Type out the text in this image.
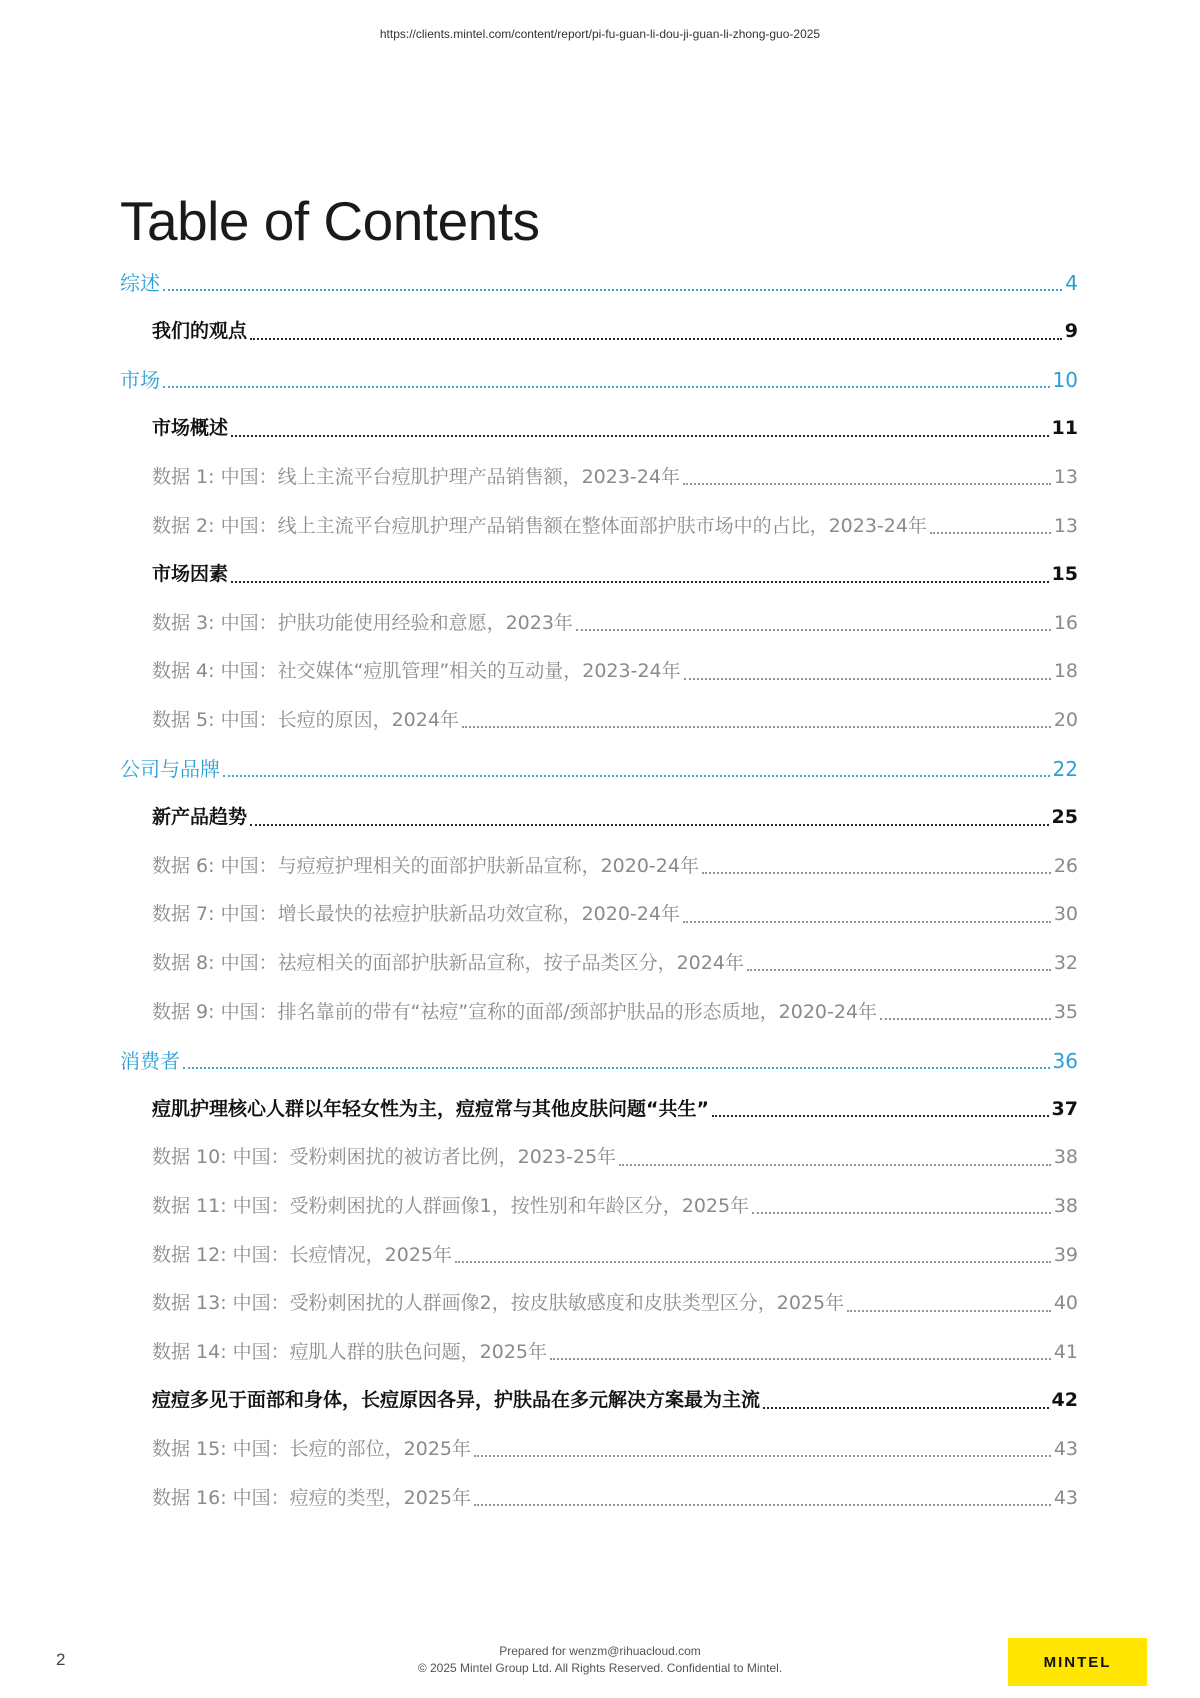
https://clients.mintel.com/content/report/pi-fu-guan-li-dou-ji-guan-li-zhong-guo-2025
Table of Contents
综述	4
我们的观点	9
市场	10
市场概述	11
数据 1: 中国：线上主流平台痘肌护理产品销售额，2023-24年	13
数据 2: 中国：线上主流平台痘肌护理产品销售额在整体面部护肤市场中的占比，2023-24年	13
市场因素	15
数据 3: 中国：护肤功能使用经验和意愿，2023年	16
数据 4: 中国：社交媒体“痘肌管理”相关的互动量，2023-24年	18
数据 5: 中国：长痘的原因，2024年	20
公司与品牌	22
新产品趋势	25
数据 6: 中国：与痘痘护理相关的面部护肤新品宣称，2020-24年	26
数据 7: 中国：增长最快的祛痘护肤新品功效宣称，2020-24年	30
数据 8: 中国：祛痘相关的面部护肤新品宣称，按子品类区分，2024年	32
数据 9: 中国：排名靠前的带有“祛痘”宣称的面部/颈部护肤品的形态质地，2020-24年	35
消费者	36
痘肌护理核心人群以年轻女性为主，痘痘常与其他皮肤问题“共生”	37
数据 10: 中国：受粉刺困扰的被访者比例，2023-25年	38
数据 11: 中国：受粉刺困扰的人群画像1，按性别和年龄区分，2025年	38
数据 12: 中国：长痘情况，2025年	39
数据 13: 中国：受粉刺困扰的人群画像2，按皮肤敏感度和皮肤类型区分，2025年	40
数据 14: 中国：痘肌人群的肤色问题，2025年	41
痘痘多见于面部和身体，长痘原因各异，护肤品在多元解决方案最为主流	42
数据 15: 中国：长痘的部位，2025年	43
数据 16: 中国：痘痘的类型，2025年	43
2	Prepared for wenzm@rihuacloud.com
© 2025 Mintel Group Ltd. All Rights Reserved. Confidential to Mintel.	MINTEL
